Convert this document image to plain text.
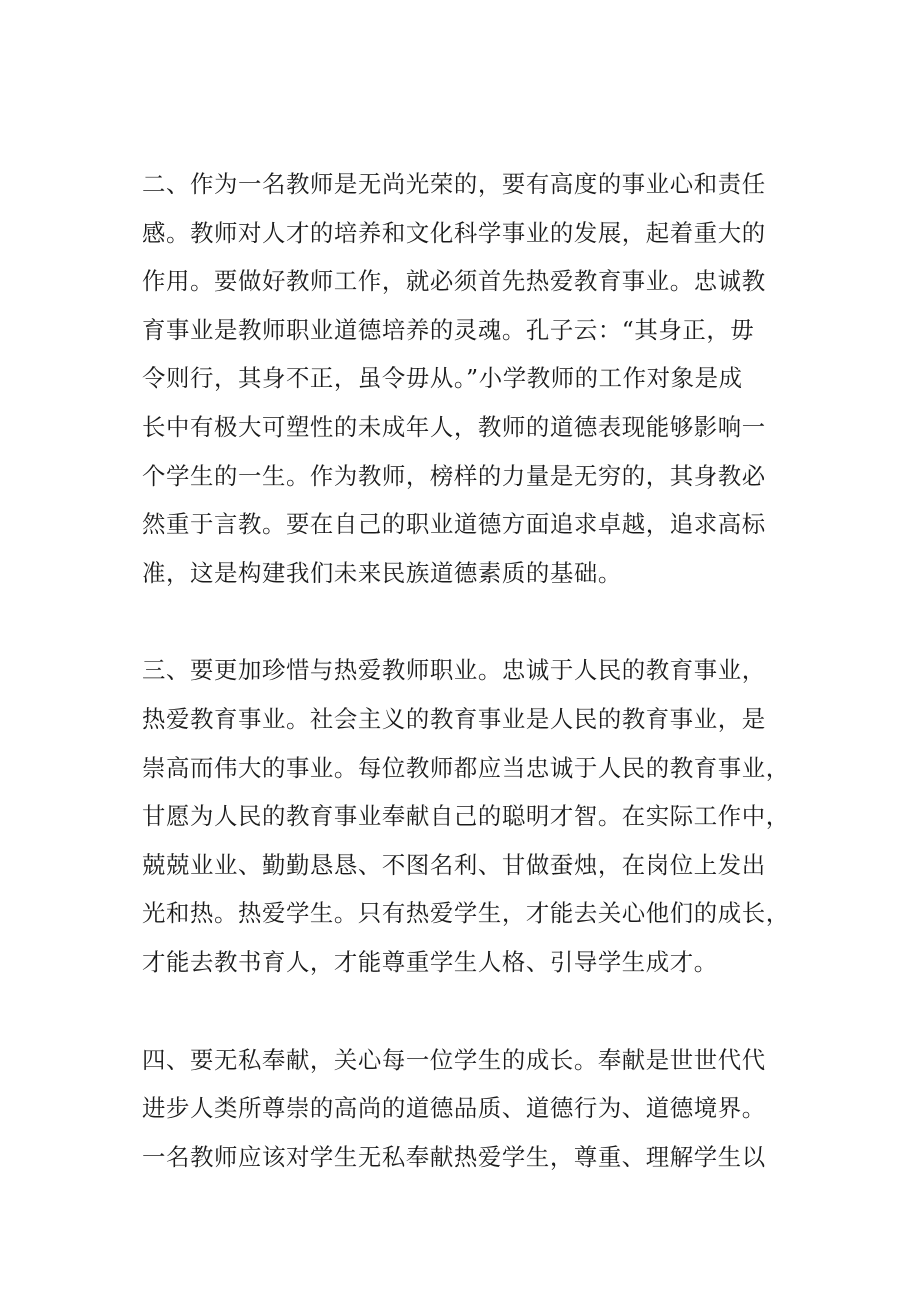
二、作为一名教师是无尚光荣的，要有高度的事业心和责任
感。教师对人才的培养和文化科学事业的发展，起着重大的
作用。要做好教师工作，就必须首先热爱教育事业。忠诚教
育事业是教师职业道德培养的灵魂。孔子云：“其身正，毋
令则行，其身不正，虽令毋从。”小学教师的工作对象是成
长中有极大可塑性的未成年人，教师的道德表现能够影响一
个学生的一生。作为教师，榜样的力量是无穷的，其身教必
然重于言教。要在自己的职业道德方面追求卓越，追求高标
准，这是构建我们未来民族道德素质的基础。

三、要更加珍惜与热爱教师职业。忠诚于人民的教育事业，
热爱教育事业。社会主义的教育事业是人民的教育事业，是
崇高而伟大的事业。每位教师都应当忠诚于人民的教育事业，
甘愿为人民的教育事业奉献自己的聪明才智。在实际工作中，
兢兢业业、勤勤恳恳、不图名利、甘做蚕烛，在岗位上发出
光和热。热爱学生。只有热爱学生，才能去关心他们的成长，
才能去教书育人，才能尊重学生人格、引导学生成才。

四、要无私奉献，关心每一位学生的成长。奉献是世世代代
进步人类所尊崇的高尚的道德品质、道德行为、道德境界。
一名教师应该对学生无私奉献热爱学生，尊重、理解学生以
